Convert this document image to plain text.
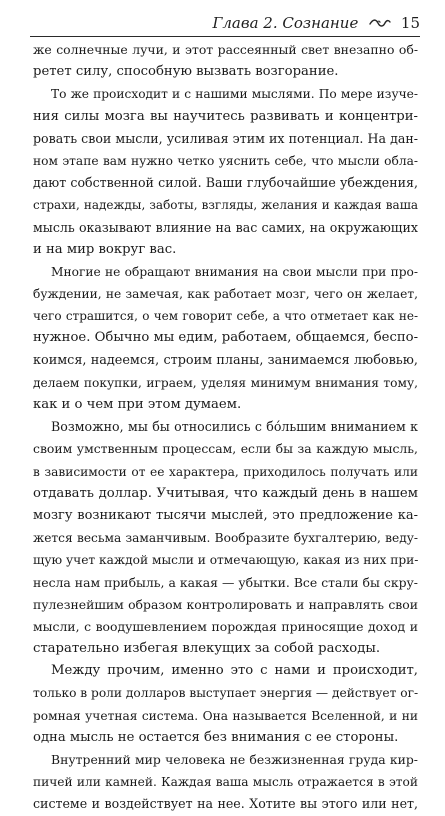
Глава 2. Сознание	15
же солнечные лучи, и этот рассеянный свет внезапно об-
ретет силу, способную вызвать возгорание.
То же происходит и с нашими мыслями. По мере изуче-
ния силы мозга вы научитесь развивать и концентри-
ровать свои мысли, усиливая этим их потенциал. На дан-
ном этапе вам нужно четко уяснить себе, что мысли обла-
дают собственной силой. Ваши глубочайшие убеждения,
страхи, надежды, заботы, взгляды, желания и каждая ваша
мысль оказывают влияние на вас самих, на окружающих
и на мир вокруг вас.
Многие не обращают внимания на свои мысли при про-
буждении, не замечая, как работает мозг, чего он желает,
чего страшится, о чем говорит себе, а что отметает как не-
нужное. Обычно мы едим, работаем, общаемся, беспо-
коимся, надеемся, строим планы, занимаемся любовью,
делаем покупки, играем, уделяя минимум внимания тому,
как и о чем при этом думаем.
Возможно, мы бы относились с бо́льшим вниманием к
своим умственным процессам, если бы за каждую мысль,
в зависимости от ее характера, приходилось получать или
отдавать доллар. Учитывая, что каждый день в нашем
мозгу возникают тысячи мыслей, это предложение ка-
жется весьма заманчивым. Вообразите бухгалтерию, веду-
щую учет каждой мысли и отмечающую, какая из них при-
несла нам прибыль, а какая — убытки. Все стали бы скру-
пулезнейшим образом контролировать и направлять свои
мысли, с воодушевлением порождая приносящие доход и
старательно избегая влекущих за собой расходы.
Между прочим, именно это с нами и происходит,
только в роли долларов выступает энергия — действует ог-
ромная учетная система. Она называется Вселенной, и ни
одна мысль не остается без внимания с ее стороны.
Внутренний мир человека не безжизненная груда кир-
пичей или камней. Каждая ваша мысль отражается в этой
системе и воздействует на нее. Хотите вы этого или нет,
